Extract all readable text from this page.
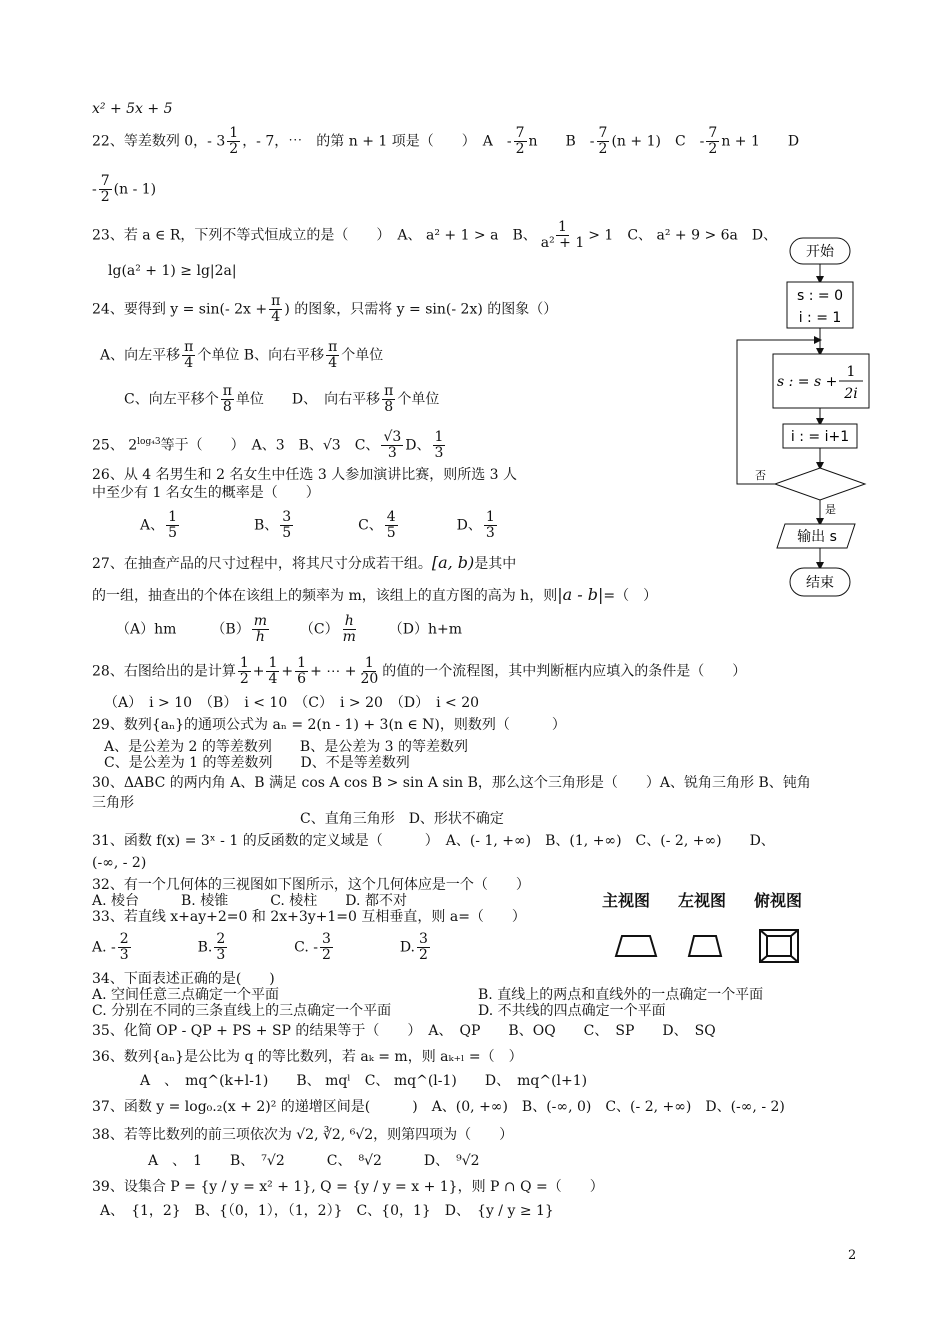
x² + 5x + 5
22、等差数列 0，- $3 \frac{1}{2}$ ，- 7，⋯　的第 n + 1 项是（　　）　A　- $\frac{7}{2}$ n　　B　- $\frac{7}{2} (n + 1)$　C　- $\frac{7}{2}$ n + 1　　D
- $\frac{7}{2} (n - 1)$
23、若 a ∈ R，下列不等式恒成立的是（　　）　A、 a² + 1 > a　B、 $\frac{1}{\text{a² + 1}} > 1$　C、 a² + 9 > 6a　D、
lg(a² + 1) ≥ lg|2a|
24、要得到 y = sin(- $2x + \frac{\pi}{4}$ ) 的图象，只需将 y = sin(- 2x) 的图象（）
A、向左平移 $\frac{\pi}{4}$ 个单位 B、向右平移 $\frac{\pi}{4}$ 个单位
C、向左平移个 $\frac{\pi}{8}$ 单位　　D、　向右平移 $\frac{\pi}{8}$ 个单位
25、 $2^{log_43}$等于（　　）　A、3　B、√3　C、 $\frac{√3}{3}$ D、 $\frac{1}{3}$
26、从 4 名男生和 2 名女生中任选 3 人参加演讲比赛，则所选 3 人
中至少有 1 名女生的概率是（　　）
A、 $\frac{1}{5}$	B、 $\frac{3}{5}$	C、 $\frac{4}{5}$	D、 $\frac{1}{3}$
27、在抽查产品的尺寸过程中，将其尺寸分成若干组。[a, b)是其中
的一组，抽查出的个体在该组上的频率为 m，该组上的直方图的高为 h，则|a - b|=（　）
（A）hm　　　$(B) \frac{m}{h} (C) \frac{h}{m} (D)h+m$
28、右图给出的是计算 $\frac{1}{2} + \frac{1}{4} + \frac{1}{6}$ + ⋯ + $\frac{1}{20}$ 的值的一个流程图，其中判断框内应填入的条件是（　　）
（A）　i > 10　（B）　i < 10　（C）　i > 20　（D）　i < 20
29、数列{aₙ}的通项公式为 aₙ = 2(n - 1) + 3(n ∈ N)，则数列（　　　）
A、是公差为 2 的等差数列　　B、是公差为 3 的等差数列
C、是公差为 1 的等差数列　　D、不是等差数列
30、ΔABC 的两内角 A、B 满足 cos A cos B > sin A sin B，那么这个三角形是（　　）A、锐角三角形 B、钝角
三角形
C、直角三角形　D、形状不确定
31、函数 f(x) = 3ˣ - 1 的反函数的定义域是（　　　）　A、(- 1, +∞)　B、(1, +∞)　C、(- 2, +∞)　　D、
(-∞, - 2)
32、有一个几何体的三视图如下图所示，这个几何体应是一个（　　）
A. 棱台　　　B. 棱锥　　　C. 棱柱　　D. 都不对
33、若直线 x+ay+2=0 和 2x+3y+1=0 互相垂直，则 a=（　　）
A. - $\frac{2}{3}$	B. $\frac{2}{3}$	C. - $\frac{3}{2}$	D. $\frac{3}{2}$
34、下面表述正确的是(　　)
A. 空间任意三点确定一个平面	B. 直线上的两点和直线外的一点确定一个平面
C. 分别在不同的三条直线上的三点确定一个平面	D. 不共线的四点确定一个平面
35、化简 OP - QP + PS + SP 的结果等于（　　）　A、　QP　　B、OQ　　C、　SP　　D、　SQ
36、数列{aₙ}是公比为 q 的等比数列，若 aₖ = m，则 aₖ₊ₗ =（　）
A　、　mq^(k+l-1)　　B、 mqˡ　C、 mq^(l-1)　　D、　mq^(l+1)
37、函数 y = log₀.₂(x + 2)² 的递增区间是(　　　)　A、(0, +∞)　B、(-∞, 0)　C、(- 2, +∞)　D、(-∞, - 2)
38、若等比数列的前三项依次为 √2, ∛2, ⁶√2，则第四项为（　　）
A　、　1　　B、　⁷√2　　　C、　⁸√2　　　D、　⁹√2
39、设集合 P = {y / y = x² + 1}, Q = {y / y = x + 1}，则 P ∩ Q =（　　）
A、　{1，2}　B、{（0，1），（1，2）}　C、{0，1}　D、　{y / y ≥ 1}
开始
s : = 0
i : = 1
s : = s +
1
2i
i : = i+1
否
是
输出 s
结束
主视图 左视图 俯视图
2
